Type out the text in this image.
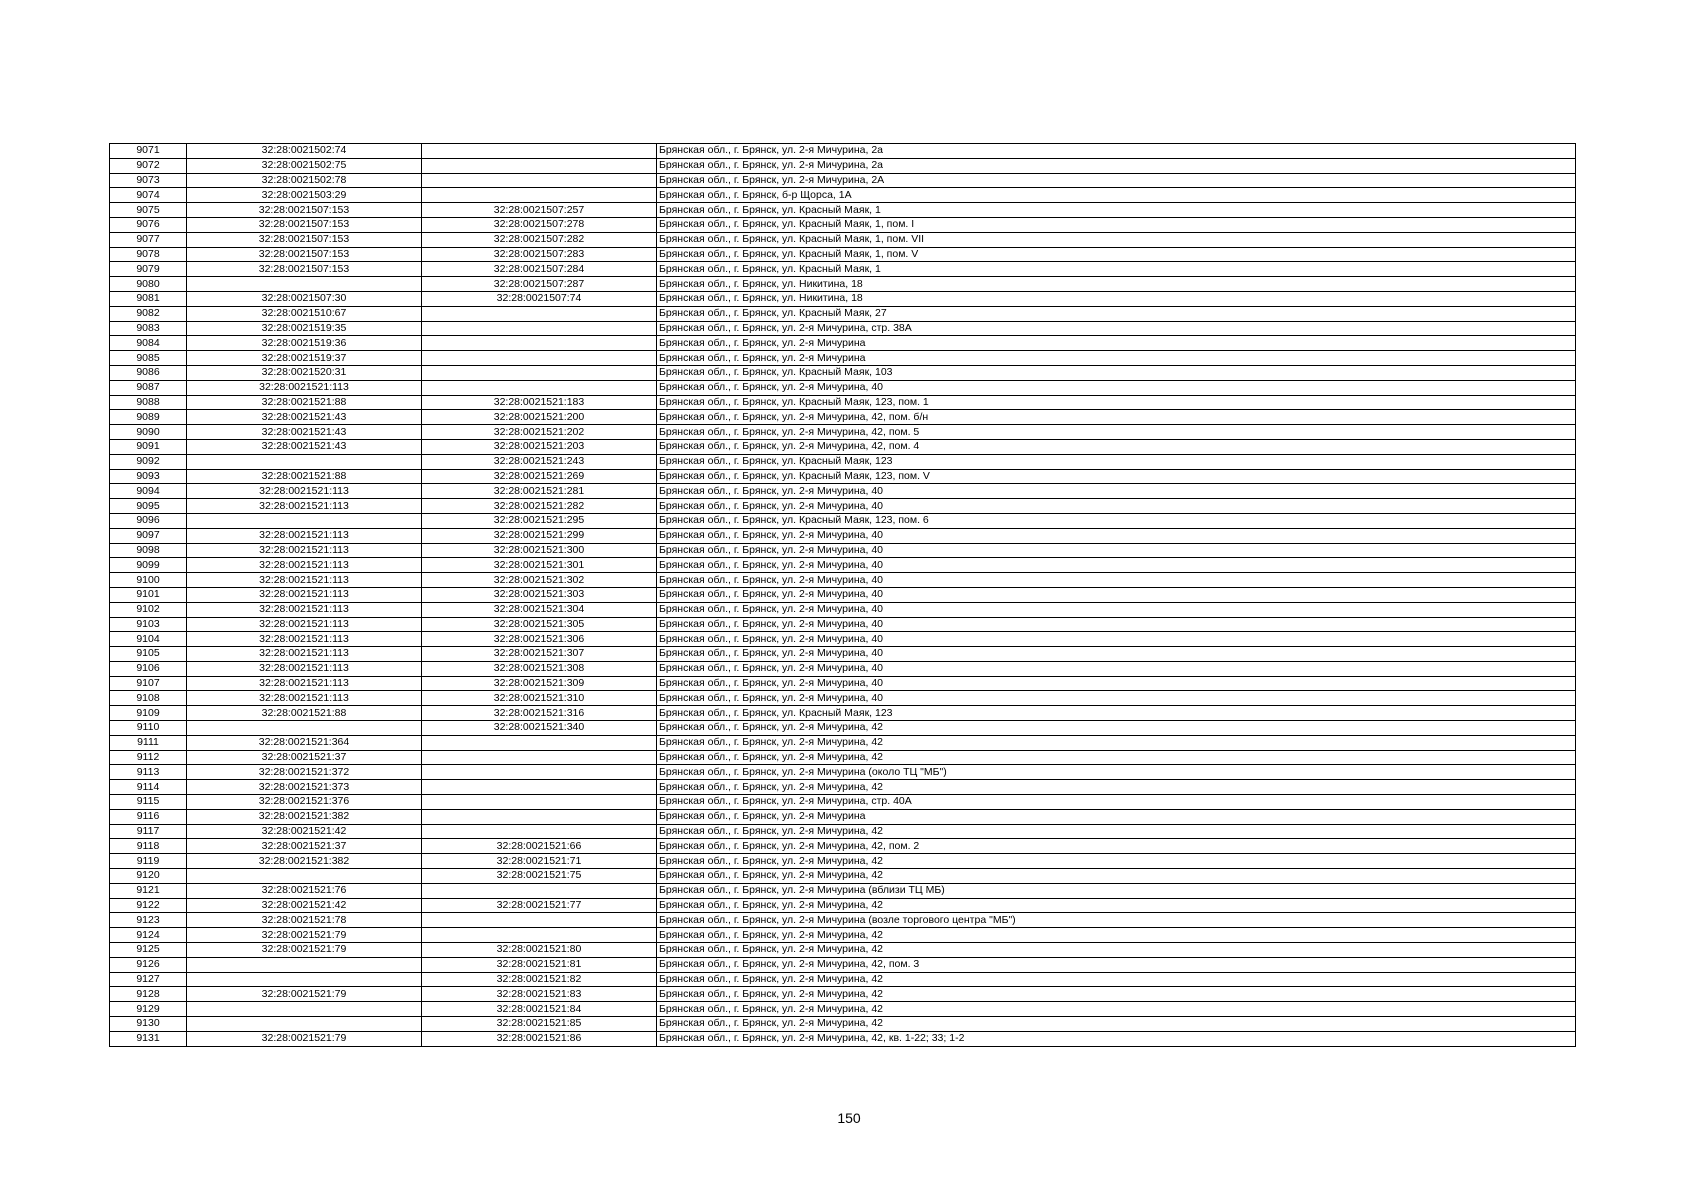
9071	32:28:0021502:74		Брянская обл., г. Брянск, ул. 2-я Мичурина, 2а
9072	32:28:0021502:75		Брянская обл., г. Брянск, ул. 2-я Мичурина, 2а
9073	32:28:0021502:78		Брянская обл., г. Брянск, ул. 2-я Мичурина, 2А
9074	32:28:0021503:29		Брянская обл., г. Брянск, б-р Щорса, 1А
9075	32:28:0021507:153	32:28:0021507:257	Брянская обл., г. Брянск, ул. Красный Маяк, 1
9076	32:28:0021507:153	32:28:0021507:278	Брянская обл., г. Брянск, ул. Красный Маяк, 1, пом. I
9077	32:28:0021507:153	32:28:0021507:282	Брянская обл., г. Брянск, ул. Красный Маяк, 1, пом. VII
9078	32:28:0021507:153	32:28:0021507:283	Брянская обл., г. Брянск, ул. Красный Маяк, 1, пом. V
9079	32:28:0021507:153	32:28:0021507:284	Брянская обл., г. Брянск, ул. Красный Маяк, 1
9080		32:28:0021507:287	Брянская обл., г. Брянск, ул. Никитина, 18
9081	32:28:0021507:30	32:28:0021507:74	Брянская обл., г. Брянск, ул. Никитина, 18
9082	32:28:0021510:67		Брянская обл., г. Брянск, ул. Красный Маяк, 27
9083	32:28:0021519:35		Брянская обл., г. Брянск, ул. 2-я Мичурина, стр. 38А
9084	32:28:0021519:36		Брянская обл., г. Брянск, ул. 2-я Мичурина
9085	32:28:0021519:37		Брянская обл., г. Брянск, ул. 2-я Мичурина
9086	32:28:0021520:31		Брянская обл., г. Брянск, ул. Красный Маяк, 103
9087	32:28:0021521:113		Брянская обл., г. Брянск, ул. 2-я Мичурина, 40
9088	32:28:0021521:88	32:28:0021521:183	Брянская обл., г. Брянск, ул. Красный Маяк, 123, пом. 1
9089	32:28:0021521:43	32:28:0021521:200	Брянская обл., г. Брянск, ул. 2-я Мичурина, 42, пом. б/н
9090	32:28:0021521:43	32:28:0021521:202	Брянская обл., г. Брянск, ул. 2-я Мичурина, 42, пом. 5
9091	32:28:0021521:43	32:28:0021521:203	Брянская обл., г. Брянск, ул. 2-я Мичурина, 42, пом. 4
9092		32:28:0021521:243	Брянская обл., г. Брянск, ул. Красный Маяк, 123
9093	32:28:0021521:88	32:28:0021521:269	Брянская обл., г. Брянск, ул. Красный Маяк, 123, пом. V
9094	32:28:0021521:113	32:28:0021521:281	Брянская обл., г. Брянск, ул. 2-я Мичурина, 40
9095	32:28:0021521:113	32:28:0021521:282	Брянская обл., г. Брянск, ул. 2-я Мичурина, 40
9096		32:28:0021521:295	Брянская обл., г. Брянск, ул. Красный Маяк, 123, пом. 6
9097	32:28:0021521:113	32:28:0021521:299	Брянская обл., г. Брянск, ул. 2-я Мичурина, 40
9098	32:28:0021521:113	32:28:0021521:300	Брянская обл., г. Брянск, ул. 2-я Мичурина, 40
9099	32:28:0021521:113	32:28:0021521:301	Брянская обл., г. Брянск, ул. 2-я Мичурина, 40
9100	32:28:0021521:113	32:28:0021521:302	Брянская обл., г. Брянск, ул. 2-я Мичурина, 40
9101	32:28:0021521:113	32:28:0021521:303	Брянская обл., г. Брянск, ул. 2-я Мичурина, 40
9102	32:28:0021521:113	32:28:0021521:304	Брянская обл., г. Брянск, ул. 2-я Мичурина, 40
9103	32:28:0021521:113	32:28:0021521:305	Брянская обл., г. Брянск, ул. 2-я Мичурина, 40
9104	32:28:0021521:113	32:28:0021521:306	Брянская обл., г. Брянск, ул. 2-я Мичурина, 40
9105	32:28:0021521:113	32:28:0021521:307	Брянская обл., г. Брянск, ул. 2-я Мичурина, 40
9106	32:28:0021521:113	32:28:0021521:308	Брянская обл., г. Брянск, ул. 2-я Мичурина, 40
9107	32:28:0021521:113	32:28:0021521:309	Брянская обл., г. Брянск, ул. 2-я Мичурина, 40
9108	32:28:0021521:113	32:28:0021521:310	Брянская обл., г. Брянск, ул. 2-я Мичурина, 40
9109	32:28:0021521:88	32:28:0021521:316	Брянская обл., г. Брянск, ул. Красный Маяк, 123
9110		32:28:0021521:340	Брянская обл., г. Брянск, ул. 2-я Мичурина, 42
9111	32:28:0021521:364		Брянская обл., г. Брянск, ул. 2-я Мичурина, 42
9112	32:28:0021521:37		Брянская обл., г. Брянск, ул. 2-я Мичурина, 42
9113	32:28:0021521:372		Брянская обл., г. Брянск, ул. 2-я Мичурина (около ТЦ "МБ")
9114	32:28:0021521:373		Брянская обл., г. Брянск, ул. 2-я Мичурина, 42
9115	32:28:0021521:376		Брянская обл., г. Брянск, ул. 2-я Мичурина, стр. 40А
9116	32:28:0021521:382		Брянская обл., г. Брянск, ул. 2-я Мичурина
9117	32:28:0021521:42		Брянская обл., г. Брянск, ул. 2-я Мичурина, 42
9118	32:28:0021521:37	32:28:0021521:66	Брянская обл., г. Брянск, ул. 2-я Мичурина, 42, пом. 2
9119	32:28:0021521:382	32:28:0021521:71	Брянская обл., г. Брянск, ул. 2-я Мичурина, 42
9120		32:28:0021521:75	Брянская обл., г. Брянск, ул. 2-я Мичурина, 42
9121	32:28:0021521:76		Брянская обл., г. Брянск, ул. 2-я Мичурина (вблизи ТЦ МБ)
9122	32:28:0021521:42	32:28:0021521:77	Брянская обл., г. Брянск, ул. 2-я Мичурина, 42
9123	32:28:0021521:78		Брянская обл., г. Брянск, ул. 2-я Мичурина (возле торгового центра "МБ")
9124	32:28:0021521:79		Брянская обл., г. Брянск, ул. 2-я Мичурина, 42
9125	32:28:0021521:79	32:28:0021521:80	Брянская обл., г. Брянск, ул. 2-я Мичурина, 42
9126		32:28:0021521:81	Брянская обл., г. Брянск, ул. 2-я Мичурина, 42, пом. 3
9127		32:28:0021521:82	Брянская обл., г. Брянск, ул. 2-я Мичурина, 42
9128	32:28:0021521:79	32:28:0021521:83	Брянская обл., г. Брянск, ул. 2-я Мичурина, 42
9129		32:28:0021521:84	Брянская обл., г. Брянск, ул. 2-я Мичурина, 42
9130		32:28:0021521:85	Брянская обл., г. Брянск, ул. 2-я Мичурина, 42
9131	32:28:0021521:79	32:28:0021521:86	Брянская обл., г. Брянск, ул. 2-я Мичурина, 42, кв. 1-22; 33; 1-2
150
